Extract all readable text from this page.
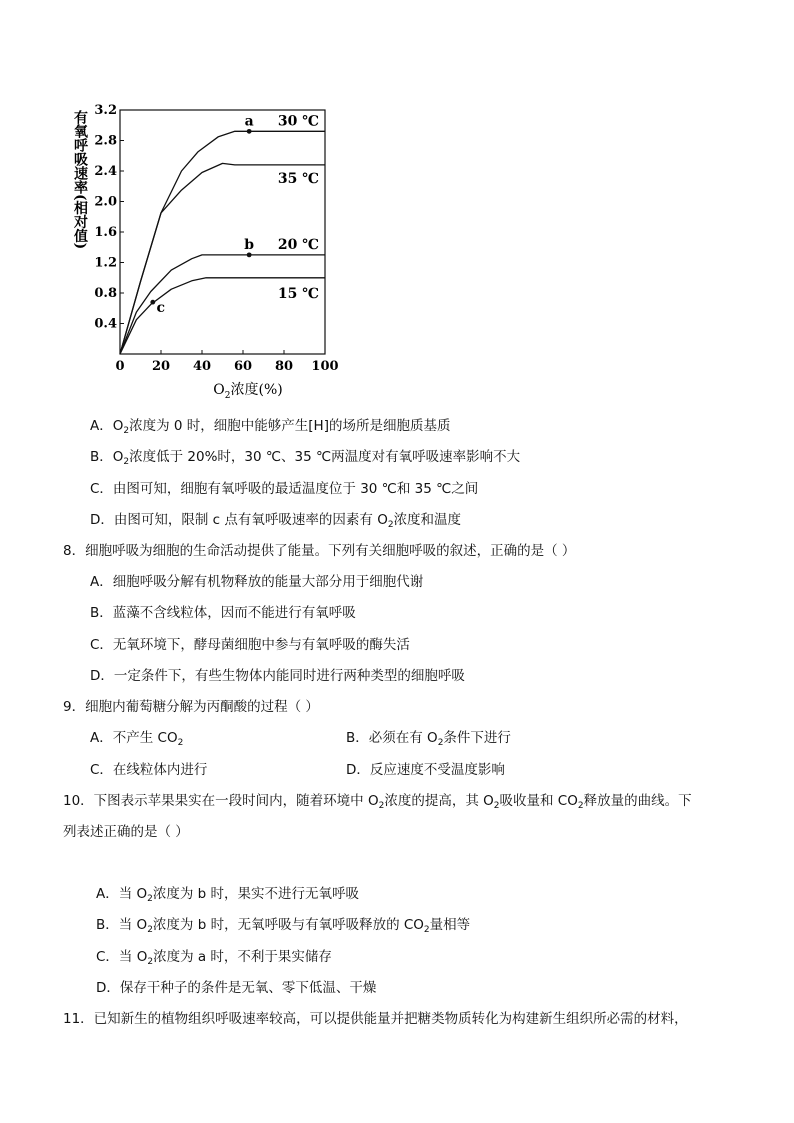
0 20 40 60 80 100
0.4
0.8
1.2
1.6
2.0
2.4
2.8
3.2
a
b
c
30 ℃
35 ℃
20 ℃
15 ℃
有氧呼吸速率(相对值)
$O_2$浓度(%)
A．$O_2$浓度为 0 时，细胞中能够产生[H]的场所是细胞质基质
B．$O_2$浓度低于 20%时，30 ℃、35 ℃两温度对有氧呼吸速率影响不大
C．由图可知，细胞有氧呼吸的最适温度位于 30 ℃和 35 ℃之间
D．由图可知，限制 c 点有氧呼吸速率的因素有 $O_2$浓度和温度
8．细胞呼吸为细胞的生命活动提供了能量。下列有关细胞呼吸的叙述，正确的是（ ）
A．细胞呼吸分解有机物释放的能量大部分用于细胞代谢
B．蓝藻不含线粒体，因而不能进行有氧呼吸
C．无氧环境下，酵母菌细胞中参与有氧呼吸的酶失活
D．一定条件下，有些生物体内能同时进行两种类型的细胞呼吸
9．细胞内葡萄糖分解为丙酮酸的过程（ ）
A．不产生 $CO_2$	B．必须在有 $O_2$条件下进行
C．在线粒体内进行	D．反应速度不受温度影响
10．下图表示苹果果实在一段时间内，随着环境中 $O_2$浓度的提高，其 $O_2$吸收量和 $CO_2$释放量的曲线。下
列表述正确的是（ ）
A．当 $O_2$浓度为 b 时，果实不进行无氧呼吸
B．当 $O_2$浓度为 b 时，无氧呼吸与有氧呼吸释放的 $CO_2$量相等
C．当 $O_2$浓度为 a 时，不利于果实储存
D．保存干种子的条件是无氧、零下低温、干燥
11．已知新生的植物组织呼吸速率较高，可以提供能量并把糖类物质转化为构建新生组织所必需的材料，
